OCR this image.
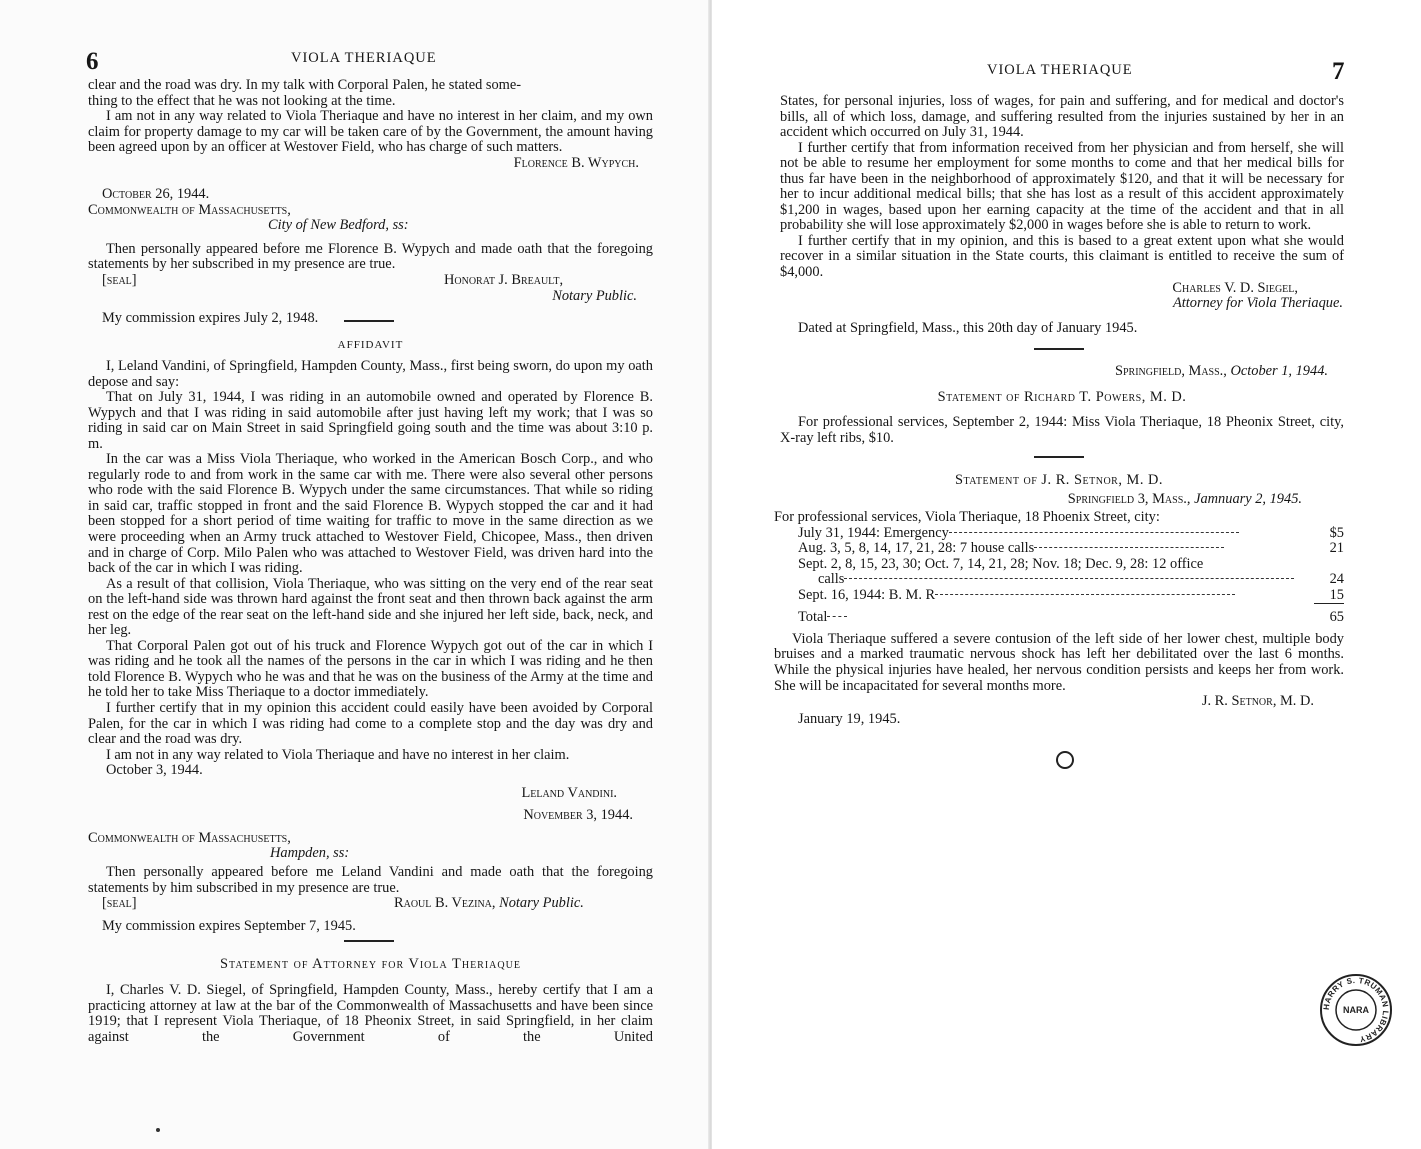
6	VIOLA THERIAQUE
clear and the road was dry. In my talk with Corporal Palen, he stated some-
thing to the effect that he was not looking at the time.

I am not in any way related to Viola Theriaque and have no interest in her claim, and my own claim for property damage to my car will be taken care of by the Government, the amount having been agreed upon by an officer at Westover Field, who has charge of such matters.

Florence B. Wypych.
October 26, 1944.
Commonwealth of Massachusetts,
City of New Bedford, ss:

Then personally appeared before me Florence B. Wypych and made oath that the foregoing statements by her subscribed in my presence are true.

[seal]	Honorat J. Breault,
Notary Public.

My commission expires July 2, 1948.

AFFIDAVIT

I, Leland Vandini, of Springfield, Hampden County, Mass., first being sworn, do upon my oath depose and say:

That on July 31, 1944, I was riding in an automobile owned and operated by Florence B. Wypych and that I was riding in said automobile after just having left my work; that I was so riding in said car on Main Street in said Springfield going south and the time was about 3:10 p. m.

In the car was a Miss Viola Theriaque, who worked in the American Bosch Corp., and who regularly rode to and from work in the same car with me. There were also several other persons who rode with the said Florence B. Wypych under the same circumstances. That while so riding in said car, traffic stopped in front and the said Florence B. Wypych stopped the car and it had been stopped for a short period of time waiting for traffic to move in the same direction as we were proceeding when an Army truck attached to Westover Field, Chicopee, Mass., then driven and in charge of Corp. Milo Palen who was attached to Westover Field, was driven hard into the back of the car in which I was riding.

As a result of that collision, Viola Theriaque, who was sitting on the very end of the rear seat on the left-hand side was thrown hard against the front seat and then thrown back against the arm rest on the edge of the rear seat on the left-hand side and she injured her left side, back, neck, and her leg.

That Corporal Palen got out of his truck and Florence Wypych got out of the car in which I was riding and he took all the names of the persons in the car in which I was riding and he then told Florence B. Wypych who he was and that he was on the business of the Army at the time and he told her to take Miss Theriaque to a doctor immediately.

I further certify that in my opinion this accident could easily have been avoided by Corporal Palen, for the car in which I was riding had come to a complete stop and the day was dry and clear and the road was dry.

I am not in any way related to Viola Theriaque and have no interest in her claim.

October 3, 1944.

Leland Vandini.
November 3, 1944.
Commonwealth of Massachusetts,
Hampden, ss:

Then personally appeared before me Leland Vandini and made oath that the foregoing statements by him subscribed in my presence are true.

[seal]	Raoul B. Vezina, Notary Public.

My commission expires September 7, 1945.

Statement of Attorney for Viola Theriaque

I, Charles V. D. Siegel, of Springfield, Hampden County, Mass., hereby certify that I am a practicing attorney at law at the bar of the Commonwealth of Massachusetts and have been since 1919; that I represent Viola Theriaque, of 18 Pheonix Street, in said Springfield, in her claim against the Government of the United

VIOLA THERIAQUE	7

States, for personal injuries, loss of wages, for pain and suffering, and for medical and doctor's bills, all of which loss, damage, and suffering resulted from the injuries sustained by her in an accident which occurred on July 31, 1944.

I further certify that from information received from her physician and from herself, she will not be able to resume her employment for some months to come and that her medical bills for thus far have been in the neighborhood of approximately $120, and that it will be necessary for her to incur additional medical bills; that she has lost as a result of this accident approximately $1,200 in wages, based upon her earning capacity at the time of the accident and that in all probability she will lose approximately $2,000 in wages before she is able to return to work.

I further certify that in my opinion, and this is based to a great extent upon what she would recover in a similar situation in the State courts, this claimant is entitled to receive the sum of $4,000.

Charles V. D. Siegel,
Attorney for Viola Theriaque.

Dated at Springfield, Mass., this 20th day of January 1945.

Springfield, Mass., October 1, 1944.
Statement of Richard T. Powers, M. D.

For professional services, September 2, 1944: Miss Viola Theriaque, 18 Pheonix Street, city, X-ray left ribs, $10.

Statement of J. R. Setnor, M. D.
Springfield 3, Mass., Jamnuary 2, 1945.
For professional services, Viola Theriaque, 18 Phoenix Street, city:
July 31, 1944: Emergency	$5
Aug. 3, 5, 8, 14, 17, 21, 28: 7 house calls	21
Sept. 2, 8, 15, 23, 30; Oct. 7, 14, 21, 28; Nov. 18; Dec. 9, 28: 12 office	
calls	24
Sept. 16, 1944: B. M. R	15
Total	65

Viola Theriaque suffered a severe contusion of the left side of her lower chest, multiple body bruises and a marked traumatic nervous shock has left her debilitated over the last 6 months. While the physical injuries have healed, her nervous condition persists and keeps her from work. She will be incapacitated for several months more.

J. R. Setnor, M. D.
January 19, 1945.
HARRY S. TRUMAN LIBRARY
NARA
